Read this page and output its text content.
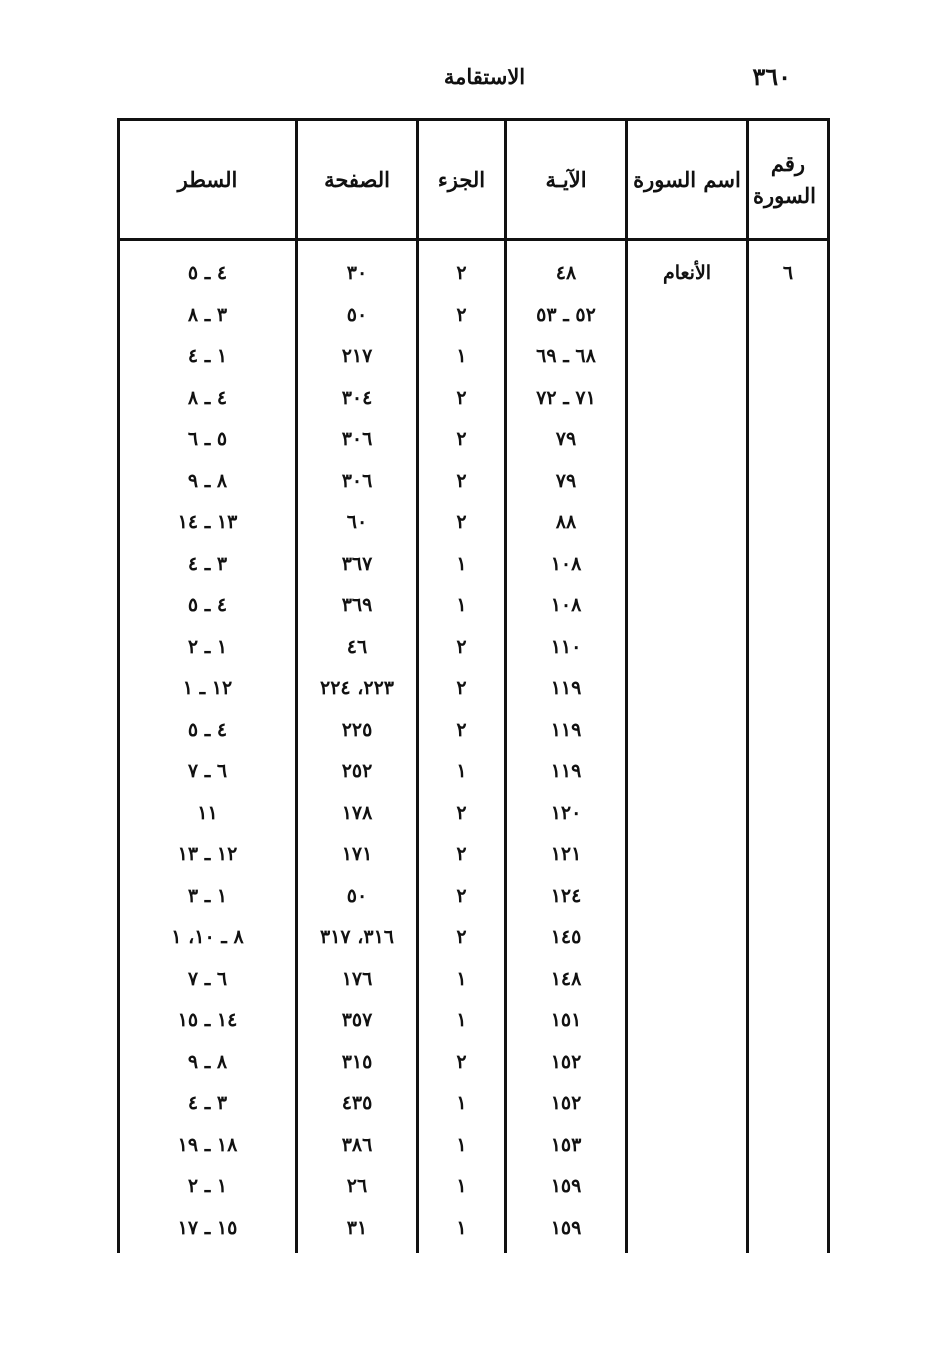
٣٦٠
الاستقامة
رقم السورة
اسم السورة
الآيـة
الجزء
الصفحة
السطر
٦
الأنعام
٤٨
٢
٣٠
٤ ـ ٥
٥٢ ـ ٥٣
٢
٥٠
٣ ـ ٨
٦٨ ـ ٦٩
١
٢١٧
١ ـ ٤
٧١ ـ ٧٢
٢
٣٠٤
٤ ـ ٨
٧٩
٢
٣٠٦
٥ ـ ٦
٧٩
٢
٣٠٦
٨ ـ ٩
٨٨
٢
٦٠
١٣ ـ ١٤
١٠٨
١
٣٦٧
٣ ـ ٤
١٠٨
١
٣٦٩
٤ ـ ٥
١١٠
٢
٤٦
١ ـ ٢
١١٩
٢
٢٢٣، ٢٢٤
١٢ ـ ١
١١٩
٢
٢٢٥
٤ ـ ٥
١١٩
١
٢٥٢
٦ ـ ٧
١٢٠
٢
١٧٨
١١
١٢١
٢
١٧١
١٢ ـ ١٣
١٢٤
٢
٥٠
١ ـ ٣
١٤٥
٢
٣١٦، ٣١٧
٨ ـ ١٠، ١
١٤٨
١
١٧٦
٦ ـ ٧
١٥١
١
٣٥٧
١٤ ـ ١٥
١٥٢
٢
٣١٥
٨ ـ ٩
١٥٢
١
٤٣٥
٣ ـ ٤
١٥٣
١
٣٨٦
١٨ ـ ١٩
١٥٩
١
٢٦
١ ـ ٢
١٥٩
١
٣١
١٥ ـ ١٧
